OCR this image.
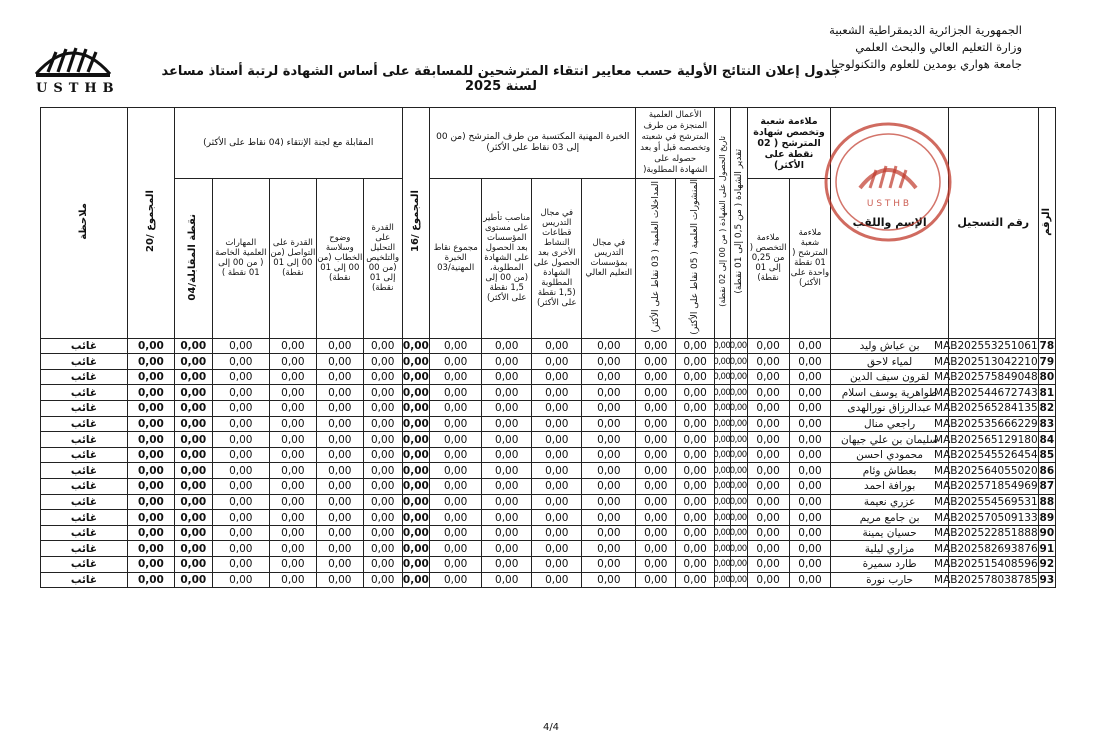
الجمهورية الجزائرية الديمقراطية الشعبية
وزارة التعليم العالي والبحث العلمي
جامعة هواري بومدين للعلوم والتكنولوجيا
USTHB
جدول إعلان النتائج الأولية حسب معايير انتقاء المترشحين للمسابقة على أساس الشهادة لرتبة أستاذ مساعد لسنة 2025
الرقم	رقم التسجيل	الإسم واللقب	ملاءمة شعبة وتخصص شهادة المترشح ( 02 نقطة على الأكثر)		تقدير الشهادة ( من 0,5 إلى 01 نقطة)	تاريخ الحصول على الشهادة ( من 00 إلى 02 نقطة)	الأعمال العلمية المنجزة من طرف المترشح في شعبته وتخصصه قبل أو بعد حصوله على الشهادة المطلوبة(		الخبرة المهنية المكتسبة من طرف المترشح (من 00 إلى 03 نقاط على الأكثر)				المجموع /16	المقابلة مع لجنة الإنتقاء (04 نقاط على الأكثر)					المجموع /20	ملاحظة
			ملاءمة شعبة المترشح ( 01 نقطة واحدة على الأكثر)	ملاءمة التخصص ( من 0,25 إلى 01 نقطة)			المنشورات العلمية ( 05 نقاط على الأكثر)	المداخلات العلمية ( 03 نقاط على الأكثر)	في مجال التدريس بمؤسسات التعليم العالي	في مجال التدريس قطاعات النشاط الأخرى بعد الحصول على الشهادة المطلوبة (1,5 نقطة على الأكثر)	مناصب تأطير على مستوى المؤسسات بعد الحصول على الشهادة المطلوبة، (من 00 إلى 1,5 نقطة على الأكثر)	مجموع نقاط الخبرة المهنية/03		القدرة على التحليل والتلخيص (من 00 إلى 01 نقطة)	وضوح وسلاسة الخطاب (من 00 إلى 01 نقطة)	القدرة على التواصل (من 00 إلى 01 نقطة)	المهارات العلمية الخاصة ( من 00 إلى 01 نقطة )	نقطة المقابلة/04		
78	MAB202553251061	بن عياش وليد	0,00	0,00	0,00	0,00	0,00	0,00	0,00	0,00	0,00	0,00	0,00	0,00	0,00	0,00	0,00	0,00	0,00	غائب
79	MAB202513042210	لمياء لاحق	0,00	0,00	0,00	0,00	0,00	0,00	0,00	0,00	0,00	0,00	0,00	0,00	0,00	0,00	0,00	0,00	0,00	غائب
80	MAB202575849048	لقرون سيف الدين	0,00	0,00	0,00	0,00	0,00	0,00	0,00	0,00	0,00	0,00	0,00	0,00	0,00	0,00	0,00	0,00	0,00	غائب
81	MAB202544672743	طواهرية يوسف اسلام	0,00	0,00	0,00	0,00	0,00	0,00	0,00	0,00	0,00	0,00	0,00	0,00	0,00	0,00	0,00	0,00	0,00	غائب
82	MAB202565284135	عبدالرزاق نورالهدى	0,00	0,00	0,00	0,00	0,00	0,00	0,00	0,00	0,00	0,00	0,00	0,00	0,00	0,00	0,00	0,00	0,00	غائب
83	MAB202535666229	راجعي منال	0,00	0,00	0,00	0,00	0,00	0,00	0,00	0,00	0,00	0,00	0,00	0,00	0,00	0,00	0,00	0,00	0,00	غائب
84	MAB202565129180	سليمان بن علي جيهان	0,00	0,00	0,00	0,00	0,00	0,00	0,00	0,00	0,00	0,00	0,00	0,00	0,00	0,00	0,00	0,00	0,00	غائب
85	MAB202545526454	محمودي احسن	0,00	0,00	0,00	0,00	0,00	0,00	0,00	0,00	0,00	0,00	0,00	0,00	0,00	0,00	0,00	0,00	0,00	غائب
86	MAB202564055020	بعطاش وئام	0,00	0,00	0,00	0,00	0,00	0,00	0,00	0,00	0,00	0,00	0,00	0,00	0,00	0,00	0,00	0,00	0,00	غائب
87	MAB202571854969	بورافة احمد	0,00	0,00	0,00	0,00	0,00	0,00	0,00	0,00	0,00	0,00	0,00	0,00	0,00	0,00	0,00	0,00	0,00	غائب
88	MAB202554569531	عزري نعيمة	0,00	0,00	0,00	0,00	0,00	0,00	0,00	0,00	0,00	0,00	0,00	0,00	0,00	0,00	0,00	0,00	0,00	غائب
89	MAB202570509133	بن جامع مريم	0,00	0,00	0,00	0,00	0,00	0,00	0,00	0,00	0,00	0,00	0,00	0,00	0,00	0,00	0,00	0,00	0,00	غائب
90	MAB202522851888	حسيان يمينة	0,00	0,00	0,00	0,00	0,00	0,00	0,00	0,00	0,00	0,00	0,00	0,00	0,00	0,00	0,00	0,00	0,00	غائب
91	MAB202582693876	مزاري ليلية	0,00	0,00	0,00	0,00	0,00	0,00	0,00	0,00	0,00	0,00	0,00	0,00	0,00	0,00	0,00	0,00	0,00	غائب
92	MAB202515408596	طارد سميرة	0,00	0,00	0,00	0,00	0,00	0,00	0,00	0,00	0,00	0,00	0,00	0,00	0,00	0,00	0,00	0,00	0,00	غائب
93	MAB202578038785	حارب نورة	0,00	0,00	0,00	0,00	0,00	0,00	0,00	0,00	0,00	0,00	0,00	0,00	0,00	0,00	0,00	0,00	0,00	غائب
U S T H B
4/4
